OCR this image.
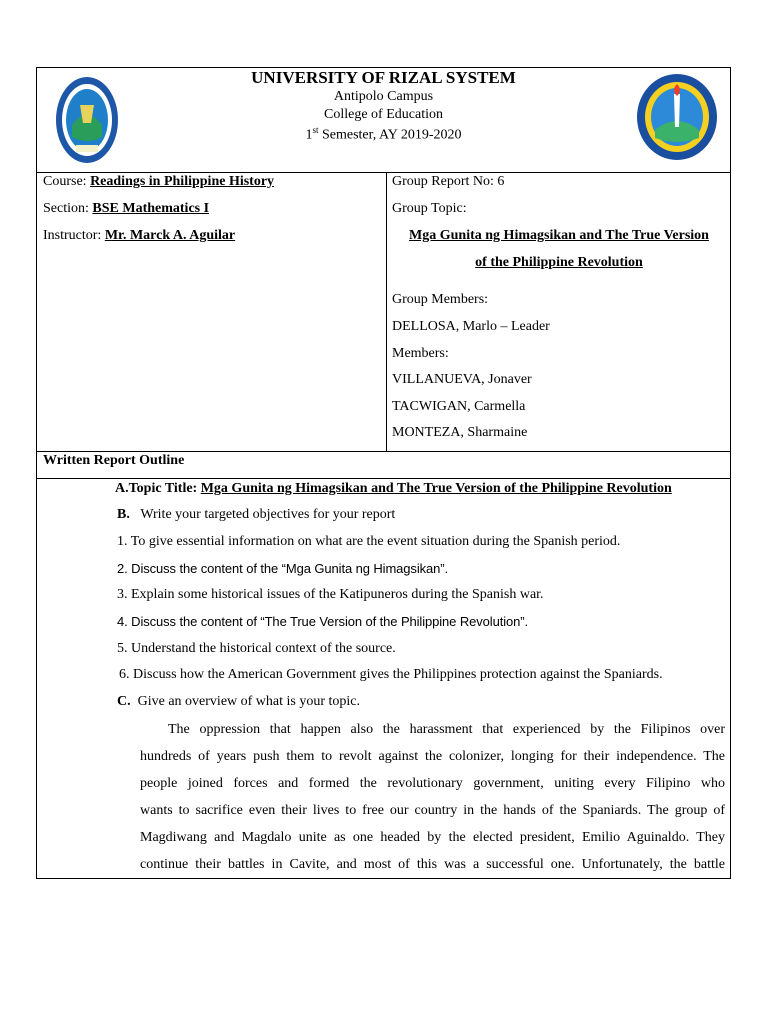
UNIVERSITY OF RIZAL SYSTEM
Antipolo Campus
College of Education
1st Semester, AY 2019-2020
Course: Readings in Philippine History
Section: BSE Mathematics I
Instructor: Mr. Marck A. Aguilar
Group Report No: 6
Group Topic:
Mga Gunita ng Himagsikan and The True Version
of the Philippine Revolution
Group Members:
DELLOSA, Marlo – Leader
Members:
VILLANUEVA, Jonaver
TACWIGAN, Carmella
MONTEZA, Sharmaine
Written Report Outline
A.Topic Title: Mga Gunita ng Himagsikan and The True Version of the Philippine Revolution
B. Write your targeted objectives for your report
1. To give essential information on what are the event situation during the Spanish period.
2. Discuss the content of the “Mga Gunita ng Himagsikan”.
3. Explain some historical issues of the Katipuneros during the Spanish war.
4. Discuss the content of “The True Version of the Philippine Revolution”.
5. Understand the historical context of the source.
6. Discuss how the American Government gives the Philippines protection against the Spaniards.
C. Give an overview of what is your topic.
The oppression that happen also the harassment that experienced by the Filipinos over
hundreds of years push them to revolt against the colonizer, longing for their independence. The
people joined forces and formed the revolutionary government, uniting every Filipino who
wants to sacrifice even their lives to free our country in the hands of the Spaniards. The group of
Magdiwang and Magdalo unite as one headed by the elected president, Emilio Aguinaldo. They
continue their battles in Cavite, and most of this was a successful one. Unfortunately, the battle
